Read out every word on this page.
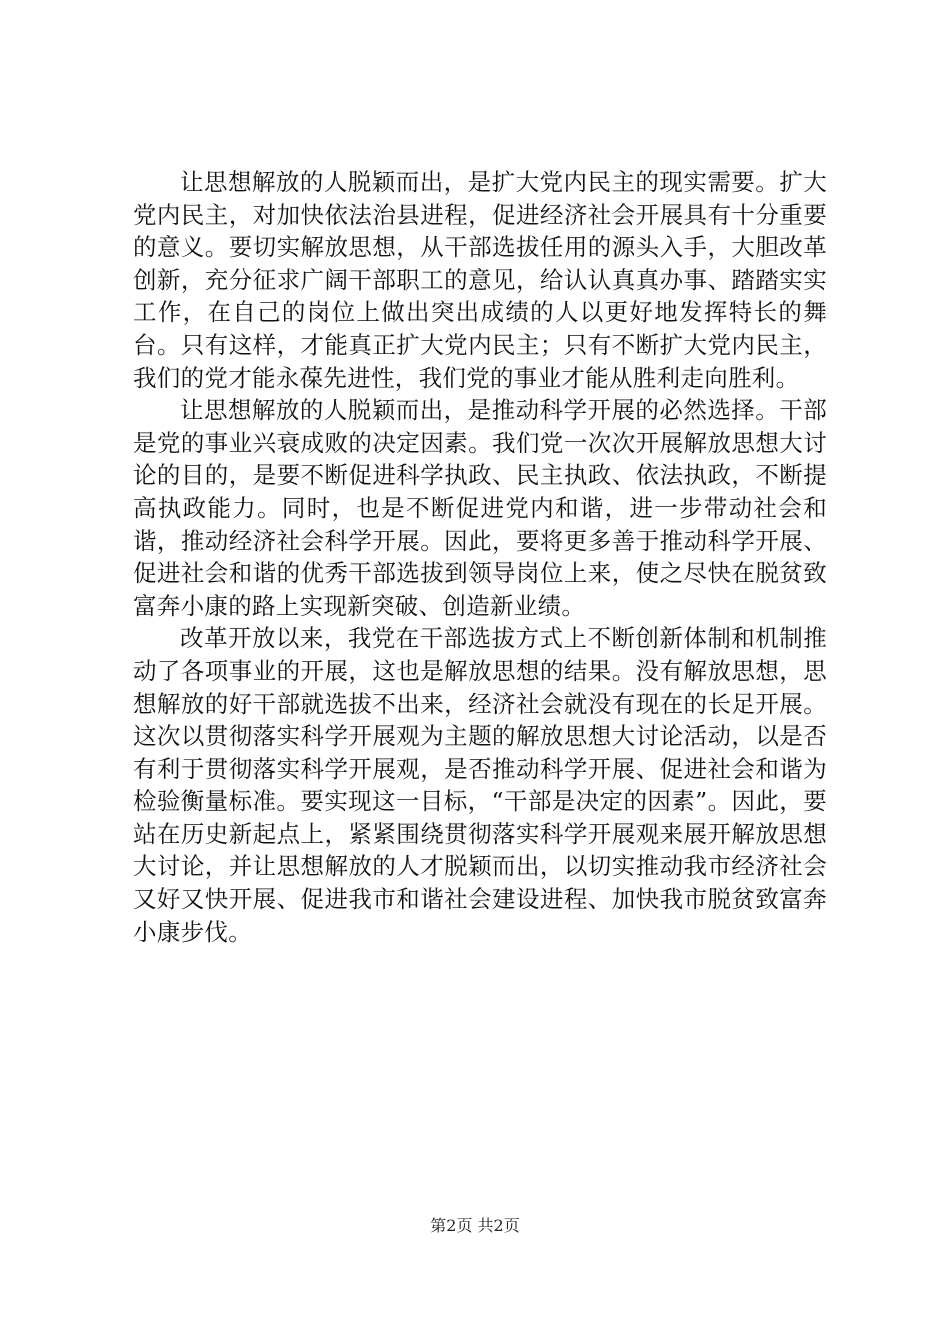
让思想解放的人脱颖而出，是扩大党内民主的现实需要。扩大党内民主，对加快依法治县进程，促进经济社会开展具有十分重要的意义。要切实解放思想，从干部选拔任用的源头入手，大胆改革创新，充分征求广阔干部职工的意见，给认认真真办事、踏踏实实工作，在自己的岗位上做出突出成绩的人以更好地发挥特长的舞台。只有这样，才能真正扩大党内民主；只有不断扩大党内民主，我们的党才能永葆先进性，我们党的事业才能从胜利走向胜利。

让思想解放的人脱颖而出，是推动科学开展的必然选择。干部是党的事业兴衰成败的决定因素。我们党一次次开展解放思想大讨论的目的，是要不断促进科学执政、民主执政、依法执政，不断提高执政能力。同时，也是不断促进党内和谐，进一步带动社会和谐，推动经济社会科学开展。因此，要将更多善于推动科学开展、促进社会和谐的优秀干部选拔到领导岗位上来，使之尽快在脱贫致富奔小康的路上实现新突破、创造新业绩。

改革开放以来，我党在干部选拔方式上不断创新体制和机制推动了各项事业的开展，这也是解放思想的结果。没有解放思想，思想解放的好干部就选拔不出来，经济社会就没有现在的长足开展。这次以贯彻落实科学开展观为主题的解放思想大讨论活动，以是否有利于贯彻落实科学开展观，是否推动科学开展、促进社会和谐为检验衡量标准。要实现这一目标，“干部是决定的因素”。因此，要站在历史新起点上，紧紧围绕贯彻落实科学开展观来展开解放思想大讨论，并让思想解放的人才脱颖而出，以切实推动我市经济社会又好又快开展、促进我市和谐社会建设进程、加快我市脱贫致富奔小康步伐。

第2页 共2页
